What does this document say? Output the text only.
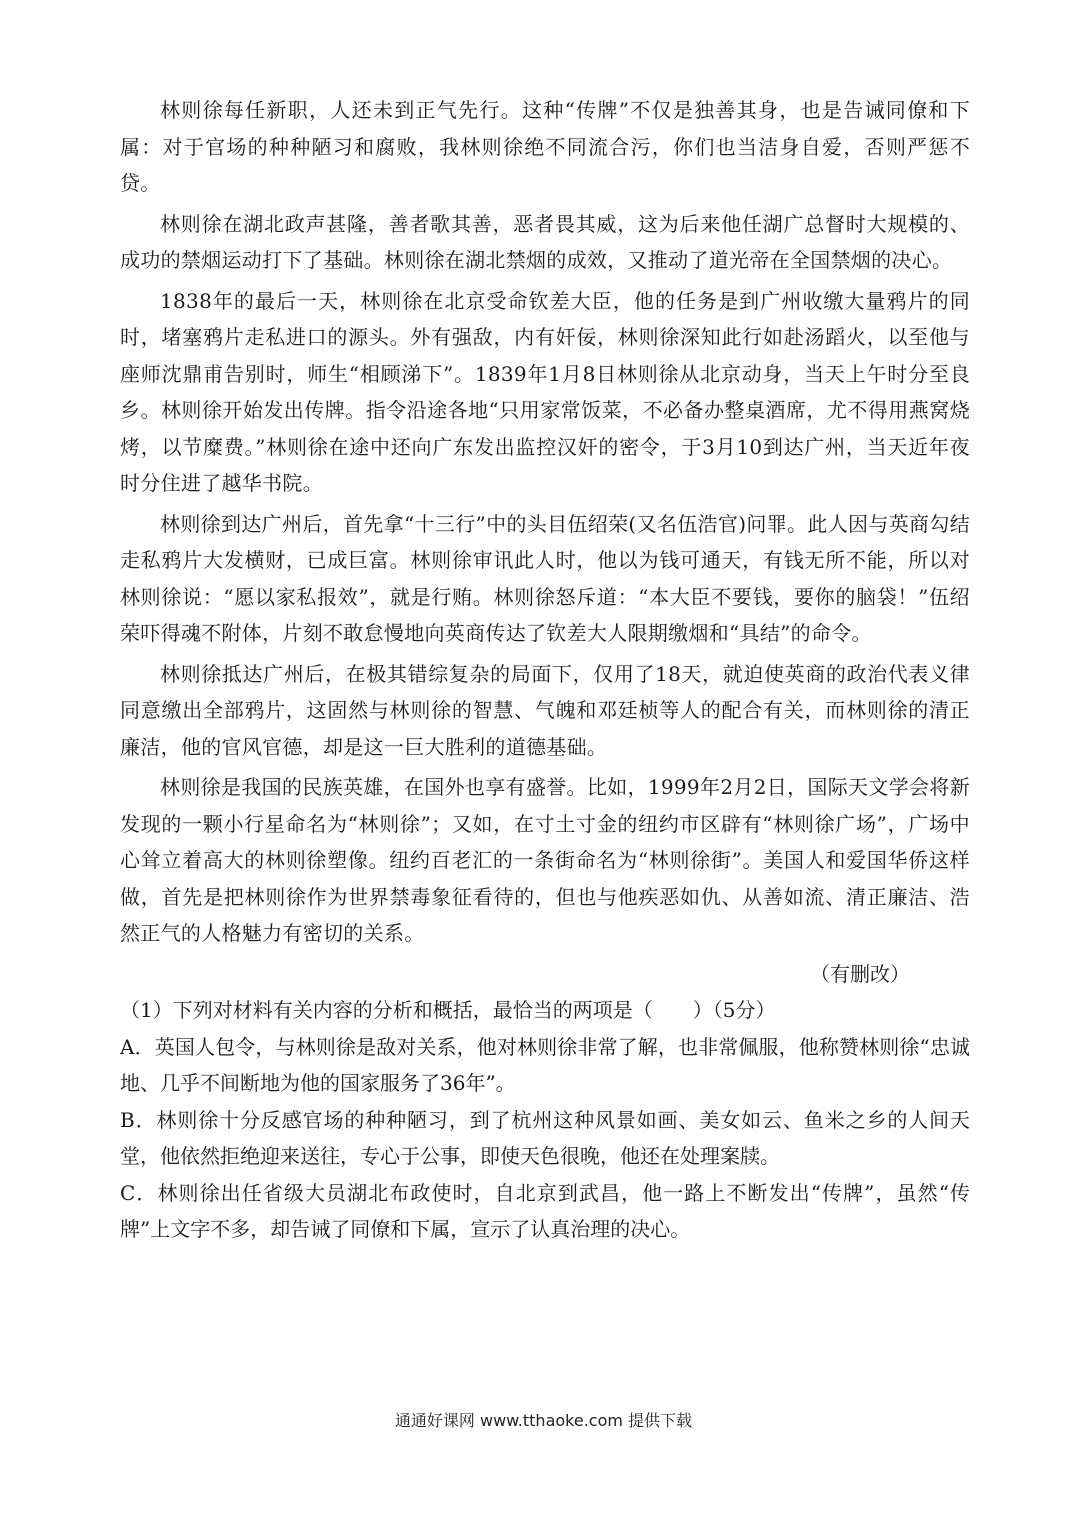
林则徐每任新职，人还未到正气先行。这种“传牌”不仅是独善其身，也是告诫同僚和下属：对于官场的种种陋习和腐败，我林则徐绝不同流合污，你们也当洁身自爱，否则严惩不贷。

林则徐在湖北政声甚隆，善者歌其善，恶者畏其威，这为后来他任湖广总督时大规模的、成功的禁烟运动打下了基础。林则徐在湖北禁烟的成效，又推动了道光帝在全国禁烟的决心。

1838年的最后一天，林则徐在北京受命钦差大臣，他的任务是到广州收缴大量鸦片的同时，堵塞鸦片走私进口的源头。外有强敌，内有奸佞，林则徐深知此行如赴汤蹈火，以至他与座师沈鼎甫告别时，师生“相顾涕下”。1839年1月8日林则徐从北京动身，当天上午时分至良乡。林则徐开始发出传牌。指令沿途各地“只用家常饭菜，不必备办整桌酒席，尤不得用燕窝烧烤，以节糜费。”林则徐在途中还向广东发出监控汉奸的密令，于3月10到达广州，当天近年夜时分住进了越华书院。

林则徐到达广州后，首先拿“十三行”中的头目伍绍荣(又名伍浩官)问罪。此人因与英商勾结走私鸦片大发横财，已成巨富。林则徐审讯此人时，他以为钱可通天，有钱无所不能，所以对林则徐说：“愿以家私报效”，就是行贿。林则徐怒斥道：“本大臣不要钱，要你的脑袋！”伍绍荣吓得魂不附体，片刻不敢怠慢地向英商传达了钦差大人限期缴烟和“具结”的命令。

林则徐抵达广州后，在极其错综复杂的局面下，仅用了18天，就迫使英商的政治代表义律同意缴出全部鸦片，这固然与林则徐的智慧、气魄和邓廷桢等人的配合有关，而林则徐的清正廉洁，他的官风官德，却是这一巨大胜利的道德基础。

林则徐是我国的民族英雄，在国外也享有盛誉。比如，1999年2月2日，国际天文学会将新发现的一颗小行星命名为“林则徐”；又如，在寸土寸金的纽约市区辟有“林则徐广场”，广场中心耸立着高大的林则徐塑像。纽约百老汇的一条街命名为“林则徐街”。美国人和爱国华侨这样做，首先是把林则徐作为世界禁毒象征看待的，但也与他疾恶如仇、从善如流、清正廉洁、浩然正气的人格魅力有密切的关系。

（有删改）

（1）下列对材料有关内容的分析和概括，最恰当的两项是（　　）（5分）

A．英国人包令，与林则徐是敌对关系，他对林则徐非常了解，也非常佩服，他称赞林则徐“忠诚地、几乎不间断地为他的国家服务了36年”。

B．林则徐十分反感官场的种种陋习，到了杭州这种风景如画、美女如云、鱼米之乡的人间天堂，他依然拒绝迎来送往，专心于公事，即使天色很晚，他还在处理案牍。

C．林则徐出任省级大员湖北布政使时，自北京到武昌，他一路上不断发出“传牌”，虽然“传牌”上文字不多，却告诫了同僚和下属，宣示了认真治理的决心。

通通好课网 www.tthaoke.com 提供下载
